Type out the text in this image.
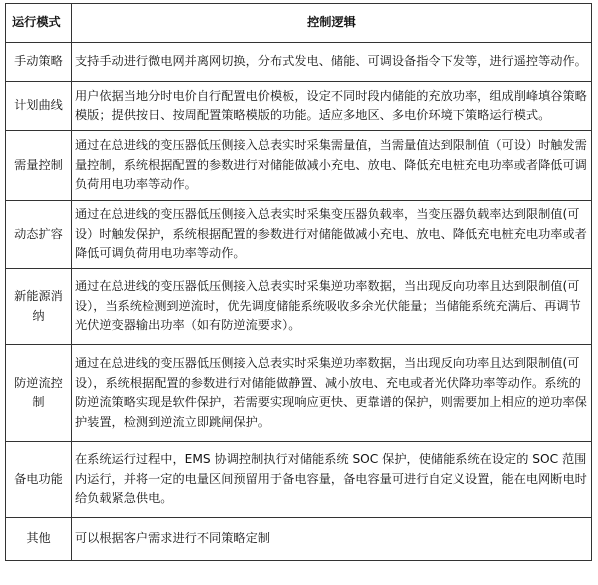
运行模式	控制逻辑
手动策略	支持手动进行微电网并离网切换，分布式发电、储能、可调设备指令下发等，进行遥控等动作。
计划曲线	用户依据当地分时电价自行配置电价模板，设定不同时段内储能的充放功率，组成削峰填谷策略模版；提供按日、按周配置策略模版的功能。适应多地区、多电价环境下策略运行模式。
需量控制	通过在总进线的变压器低压侧接入总表实时采集需量值，当需量值达到限制值（可设）时触发需量控制，系统根据配置的参数进行对储能做减小充电、放电、降低充电桩充电功率或者降低可调负荷用电功率等动作。
动态扩容	通过在总进线的变压器低压侧接入总表实时采集变压器负载率，当变压器负载率达到限制值(可设）时触发保护，系统根据配置的参数进行对储能做减小充电、放电、降低充电桩充电功率或者降低可调负荷用电功率等动作。
新能源消纳	通过在总进线的变压器低压侧接入总表实时采集逆功率数据，当出现反向功率且达到限制值(可设），当系统检测到逆流时，优先调度储能系统吸收多余光伏能量；当储能系统充满后、再调节光伏逆变器输出功率（如有防逆流要求）。
防逆流控制	通过在总进线的变压器低压侧接入总表实时采集逆功率数据，当出现反向功率且达到限制值(可设），系统根据配置的参数进行对储能做静置、减小放电、充电或者光伏降功率等动作。系统的防逆流策略实现是软件保护，若需要实现响应更快、更靠谱的保护，则需要加上相应的逆功率保护装置，检测到逆流立即跳闸保护。
备电功能	在系统运行过程中，EMS 协调控制执行对储能系统 SOC 保护，使储能系统在设定的 SOC 范围内运行，并将一定的电量区间预留用于备电容量，备电容量可进行自定义设置，能在电网断电时给负载紧急供电。
其他	可以根据客户需求进行不同策略定制
